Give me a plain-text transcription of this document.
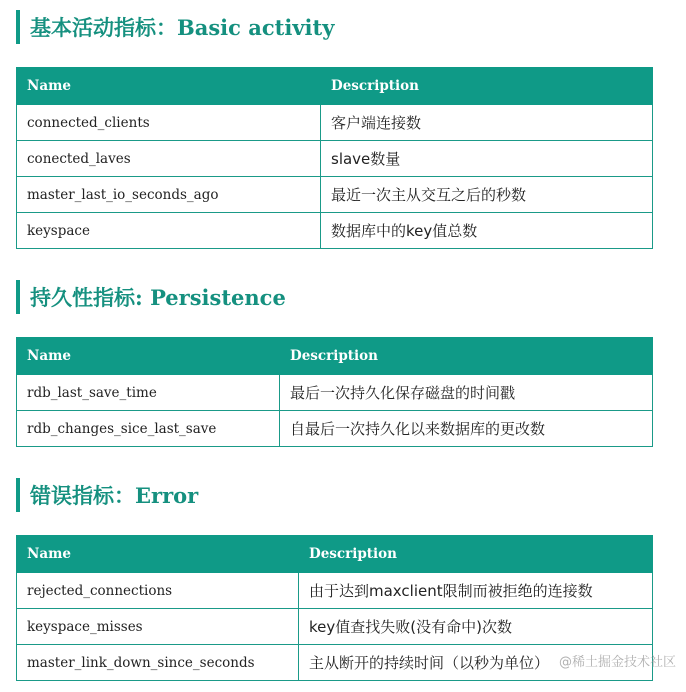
基本活动指标：Basic activity
Name	Description
connected_clients	客户端连接数
conected_laves	slave数量
master_last_io_seconds_ago	最近一次主从交互之后的秒数
keyspace	数据库中的key值总数
持久性指标: Persistence
Name	Description
rdb_last_save_time	最后一次持久化保存磁盘的时间戳
rdb_changes_sice_last_save	自最后一次持久化以来数据库的更改数
错误指标：Error
Name	Description
rejected_connections	由于达到maxclient限制而被拒绝的连接数
keyspace_misses	key值查找失败(没有命中)次数
master_link_down_since_seconds	主从断开的持续时间（以秒为单位） @稀土掘金技术社区
